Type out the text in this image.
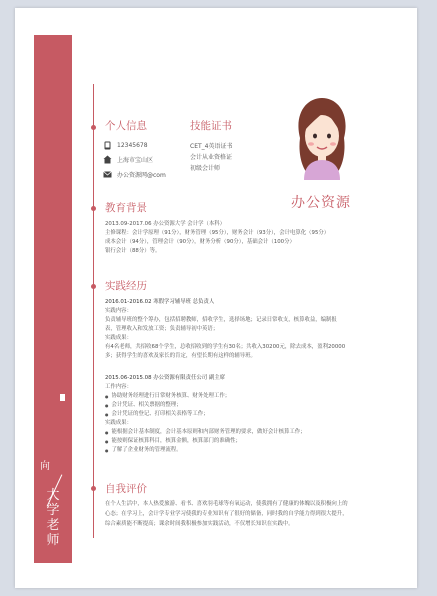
向
大学老师
个人信息
12345678
上海市宝山区
办公资源网@com
技能证书
CET_4英语证书
会计从业资格证
初级会计师
办公资源
教育背景

2013.09-2017.06 办公资源大学 会计学（本科）

主修课程：会计学原理（91分），财务管理（95分），财务会计（93分），会计电算化（95分）

成本会计（94分），管理会计（90分），财务分析（90分），基础会计（100分）

银行会计（88分）等。

实践经历

2016.01-2016.02 寒假学习辅导班 总负责人

实践内容：

负责辅导班的整个筹办，包括招聘教师，招收学生，选择场地；记录日常收支，核算收益，编制报

表，管理收入和发放工资；负责辅导初中英语；

实践成果：

有4名老师，共招收68个学生，总收招收到的学生有30名；共收入30200元，除去成本，盈利20000

多；获得学生的喜欢及家长的肯定，有望长期有这样的辅导班。

2015.06-2015.08 办公资源有限责任公司 副主席

工作内容：

● 协助财务经理进行日常财务核算、财务处理工作；

● 会计凭证、相关票据的整理；

● 会计凭证的登记、打印相关表格等工作；

实践成果：

● 能根据会计基本制度，会计基本原则和内部财务管理的要求，做好会计核算工作；

● 能按则保证核算科目，核算金额，核算部门的准确性；

● 了解了企业财务的管理流程。

自我评价

在个人生活中，本人热爱旅游、看书、喜欢羽毛球等有氧运动，使我拥有了健康的体魄以及积极向上的

心态；在学习上，会计学专业学习使我的专业知识有了很好的储备，同时我的自学能力得到很大提升，

综合素质能不断提高；课余时间我积极参加实践活动，不仅增长知识在实践中。
